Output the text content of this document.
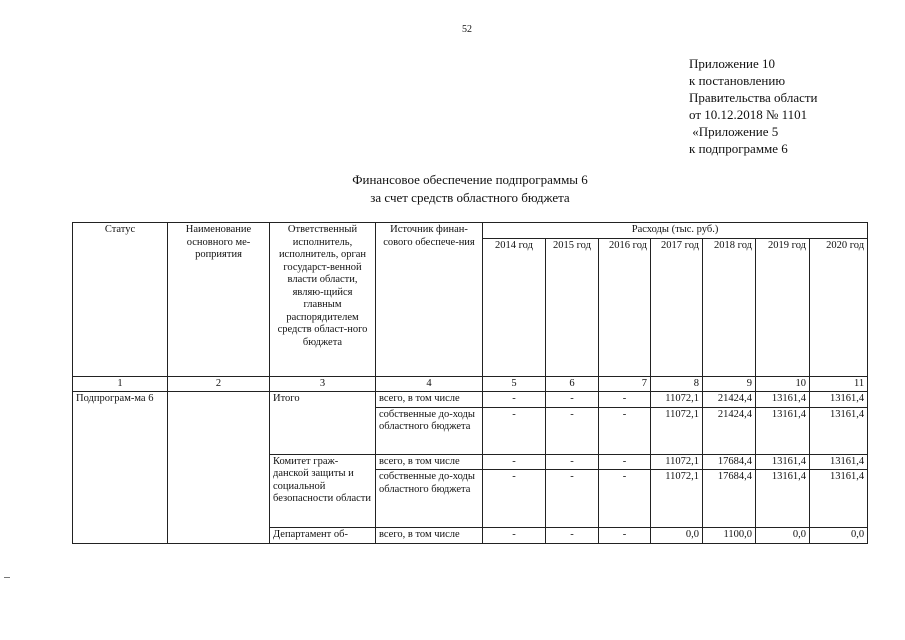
52
Приложение 10
к постановлению
Правительства области
от 10.12.2018 № 1101
«Приложение 5
к подпрограмме 6
Финансовое обеспечение подпрограммы 6
за счет средств областного бюджета
Статус	Наименование основного ме-роприятия	Ответственный исполнитель, исполнитель, орган государст-венной власти области, являю-щийся главным распорядителем средств област-ного бюджета	Источник финан-сового обеспече-ния	Расходы (тыс. руб.)						
				2014 год	2015 год	2016 год	2017 год	2018 год	2019 год	2020 год
1	2	3	4	5	6	7	8	9	10	11
Подпрограм-ма 6		Итого	всего, в том числе	-	-	-	11072,1	21424,4	13161,4	13161,4
			собственные до-ходы областного бюджета	-	-	-	11072,1	21424,4	13161,4	13161,4
		Комитет граж-данской защиты и социальной безопасности области	всего, в том числе	-	-	-	11072,1	17684,4	13161,4	13161,4
			собственные до-ходы областного бюджета	-	-	-	11072,1	17684,4	13161,4	13161,4
		Департамент об-	всего, в том числе	-	-	-	0,0	1100,0	0,0	0,0
